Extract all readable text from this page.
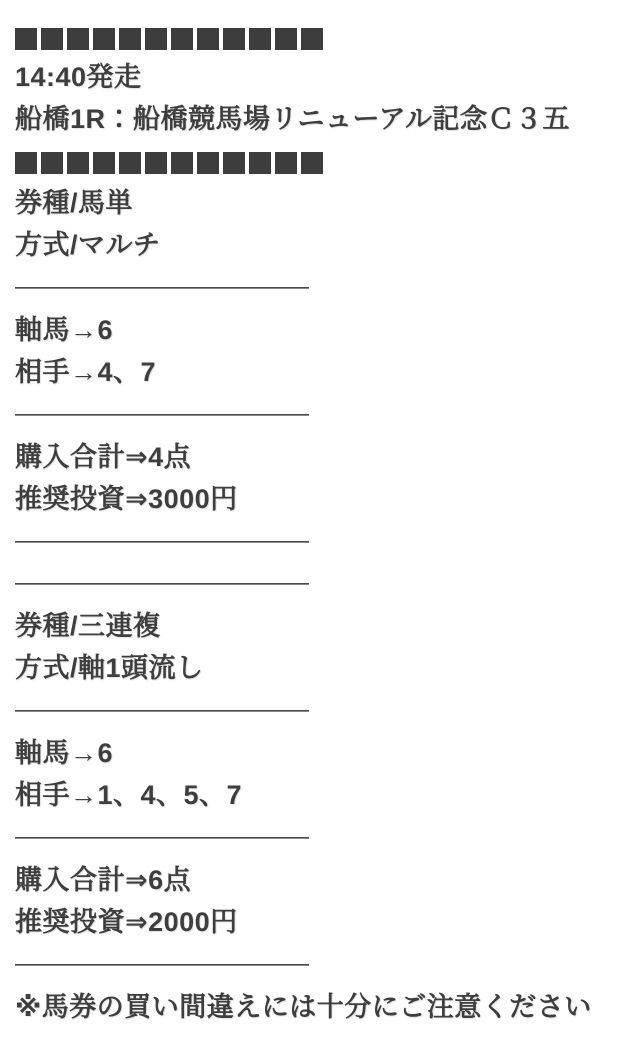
14:40発走
船橋1R：船橋競馬場リニューアル記念Ｃ３五
券種/馬単
方式/マルチ
軸馬→6
相手→4、7
購入合計⇒4点
推奨投資⇒3000円
券種/三連複
方式/軸1頭流し
軸馬→6
相手→1、4、5、7
購入合計⇒6点
推奨投資⇒2000円
※馬券の買い間違えには十分にご注意ください
